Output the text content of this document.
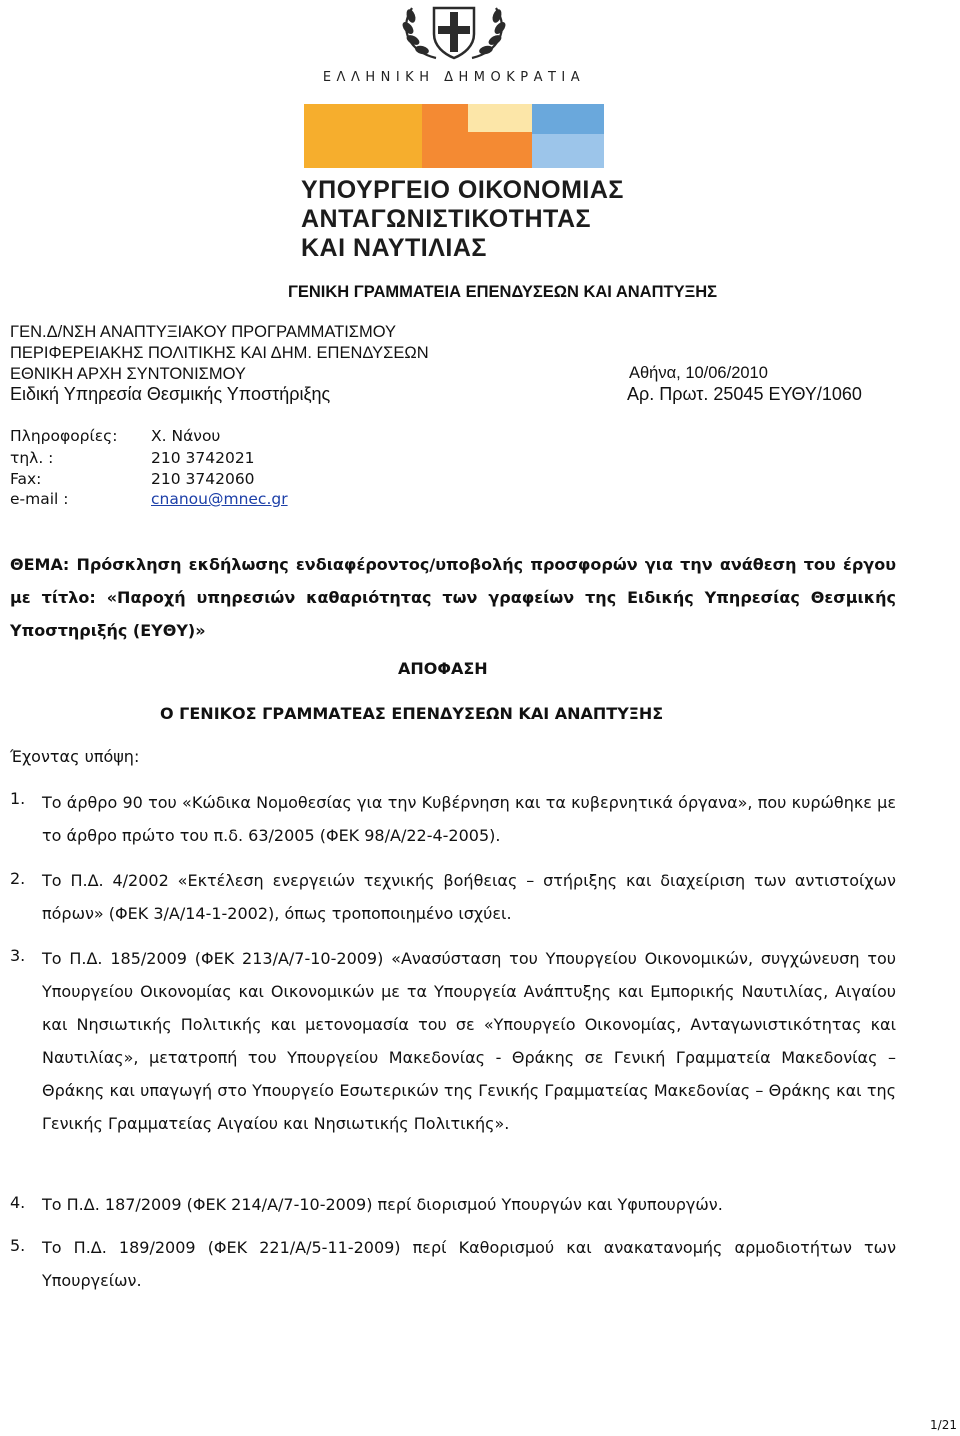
ΕΛΛΗΝΙΚΗ ΔΗΜΟΚΡΑΤΙΑ
ΥΠΟΥΡΓΕΙΟ ΟΙΚΟΝΟΜΙΑΣ
ΑΝΤΑΓΩΝΙΣΤΙΚΟΤΗΤΑΣ
ΚΑΙ ΝΑΥΤΙΛΙΑΣ
ΓΕΝΙΚΗ ΓΡΑΜΜΑΤΕΙΑ ΕΠΕΝΔΥΣΕΩΝ ΚΑΙ ΑΝΑΠΤΥΞΗΣ
ΓΕΝ.Δ/ΝΣΗ ΑΝΑΠΤΥΞΙΑΚΟΥ ΠΡΟΓΡΑΜΜΑΤΙΣΜΟΥ
ΠΕΡΙΦΕΡΕΙΑΚΗΣ ΠΟΛΙΤΙΚΗΣ ΚΑΙ ΔΗΜ. ΕΠΕΝΔΥΣΕΩΝ
ΕΘΝΙΚΗ ΑΡΧΗ ΣΥΝΤΟΝΙΣΜΟΥ
Ειδική Υπηρεσία Θεσμικής Υποστήριξης
Αθήνα, 10/06/2010
Αρ. Πρωτ. 25045 ΕΥΘΥ/1060
Πληροφορίες: Χ. Νάνου
τηλ. :	210 3742021
Fax:	210 3742060
e-mail :	cnanou@mnec.gr
ΘΕΜΑ: Πρόσκληση εκδήλωσης ενδιαφέροντος/υποβολής προσφορών για την ανάθεση του έργου με τίτλο: «Παροχή υπηρεσιών καθαριότητας των γραφείων της Ειδικής Υπηρεσίας Θεσμικής Υποστηριξής (ΕΥΘΥ)»
ΑΠΟΦΑΣΗ
Ο ΓΕΝΙΚΟΣ ΓΡΑΜΜΑΤΕΑΣ ΕΠΕΝΔΥΣΕΩΝ ΚΑΙ ΑΝΑΠΤΥΞΗΣ
Έχοντας υπόψη:
1. Το άρθρο 90 του «Κώδικα Νομοθεσίας για την Κυβέρνηση και τα κυβερνητικά όργανα», που κυρώθηκε με το άρθρο πρώτο του π.δ. 63/2005 (ΦΕΚ 98/Α/22-4-2005).
2. Το Π.Δ. 4/2002 «Εκτέλεση ενεργειών τεχνικής βοήθειας – στήριξης και διαχείριση των αντιστοίχων πόρων» (ΦΕΚ 3/Α/14-1-2002), όπως τροποποιημένο ισχύει.
3. Το Π.Δ. 185/2009 (ΦΕΚ 213/Α/7-10-2009) «Ανασύσταση του Υπουργείου Οικονομικών, συγχώνευση του Υπουργείου Οικονομίας και Οικονομικών με τα Υπουργεία Ανάπτυξης και Εμπορικής Ναυτιλίας, Αιγαίου και Νησιωτικής Πολιτικής και μετονομασία του σε «Υπουργείο Οικονομίας, Ανταγωνιστικότητας και Ναυτιλίας», μετατροπή του Υπουργείου Μακεδονίας - Θράκης σε Γενική Γραμματεία Μακεδονίας – Θράκης και υπαγωγή στο Υπουργείο Εσωτερικών της Γενικής Γραμματείας Μακεδονίας – Θράκης και της Γενικής Γραμματείας Αιγαίου και Νησιωτικής Πολιτικής».
4. Το Π.Δ. 187/2009 (ΦΕΚ 214/Α/7-10-2009) περί διορισμού Υπουργών και Υφυπουργών.
5. Το Π.Δ. 189/2009 (ΦΕΚ 221/Α/5-11-2009) περί Καθορισμού και ανακατανομής αρμοδιοτήτων των Υπουργείων.
1/21
